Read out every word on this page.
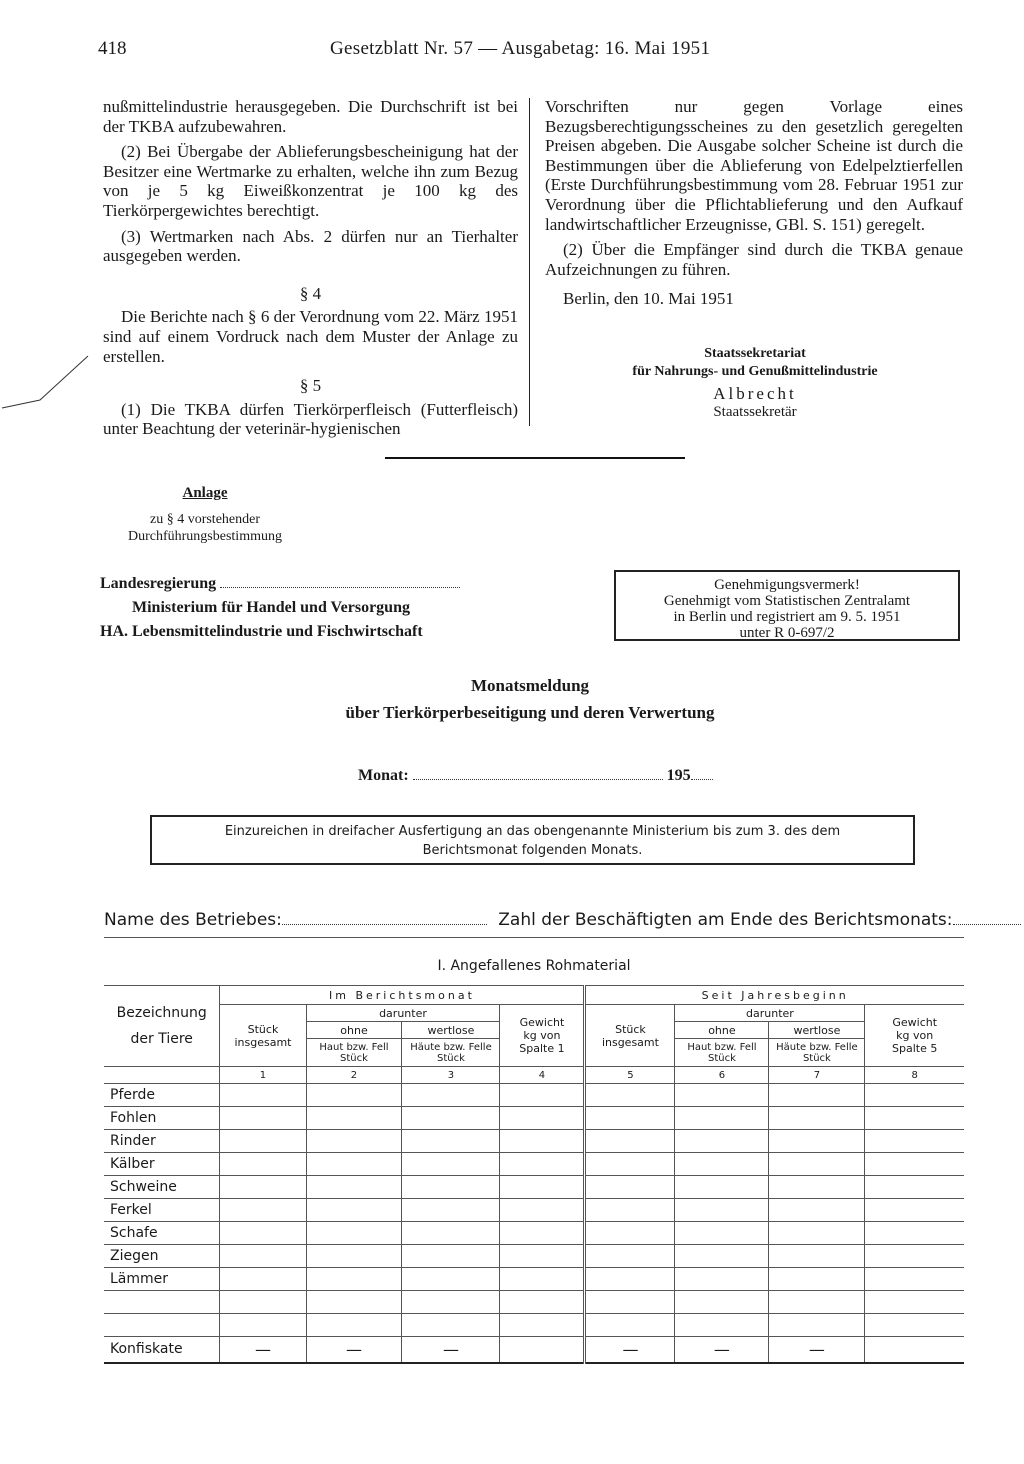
418	Gesetzblatt Nr. 57 — Ausgabetag: 16. Mai 1951

nußmittelindustrie herausgegeben. Die Durchschrift ist bei der TKBA aufzubewahren.

(2) Bei Übergabe der Ablieferungsbescheinigung hat der Besitzer eine Wertmarke zu erhalten, welche ihn zum Bezug von je 5 kg Eiweißkonzentrat je 100 kg des Tierkörpergewichtes berechtigt.

(3) Wertmarken nach Abs. 2 dürfen nur an Tierhalter ausgegeben werden.

§ 4

Die Berichte nach § 6 der Verordnung vom 22. März 1951 sind auf einem Vordruck nach dem Muster der Anlage zu erstellen.

§ 5

(1) Die TKBA dürfen Tierkörperfleisch (Futterfleisch) unter Beachtung der veterinär-hygienischen

Vorschriften nur gegen Vorlage eines Bezugsberechtigungsscheines zu den gesetzlich geregelten Preisen abgeben. Die Ausgabe solcher Scheine ist durch die Bestimmungen über die Ablieferung von Edelpelztierfellen (Erste Durchführungsbestimmung vom 28. Februar 1951 zur Verordnung über die Pflichtablieferung und den Aufkauf landwirtschaftlicher Erzeugnisse, GBl. S. 151) geregelt.

(2) Über die Empfänger sind durch die TKBA genaue Aufzeichnungen zu führen.

Berlin, den 10. Mai 1951

Staatssekretariat
für Nahrungs- und Genußmittelindustrie
Albrecht
Staatssekretär
Anlage
zu § 4 vorstehender
Durchführungsbestimmung
Landesregierung
Ministerium für Handel und Versorgung
HA. Lebensmittelindustrie und Fischwirtschaft
Genehmigungsvermerk!
Genehmigt vom Statistischen Zentralamt
in Berlin und registriert am 9. 5. 1951
unter R 0-697/2
Monatsmeldung
über Tierkörperbeseitigung und deren Verwertung
Monat:	195
Einzureichen in dreifacher Ausfertigung an das obengenannte Ministerium bis zum 3. des dem
Berichtsmonat folgenden Monats.
Name des Betriebes:	Zahl der Beschäftigten am Ende des Berichtsmonats:
I. Angefallenes Rohmaterial
Bezeichnung der Tiere	Im Berichtsmonat				Seit Jahresbeginn			
	Stück insgesamt	darunter		Gewicht kg von Spalte 1	Stück insgesamt	darunter		Gewicht kg von Spalte 5
		ohne	wertlose			ohne	wertlose	
		Haut bzw. Fell Stück	Häute bzw. Felle Stück			Haut bzw. Fell Stück	Häute bzw. Felle Stück	
	1	2	3	4	5	6	7	8
Pferde								
Fohlen								
Rinder								
Kälber								
Schweine								
Ferkel								
Schafe								
Ziegen								
Lämmer								

Konfiskate	—	—	—		—	—	—	
